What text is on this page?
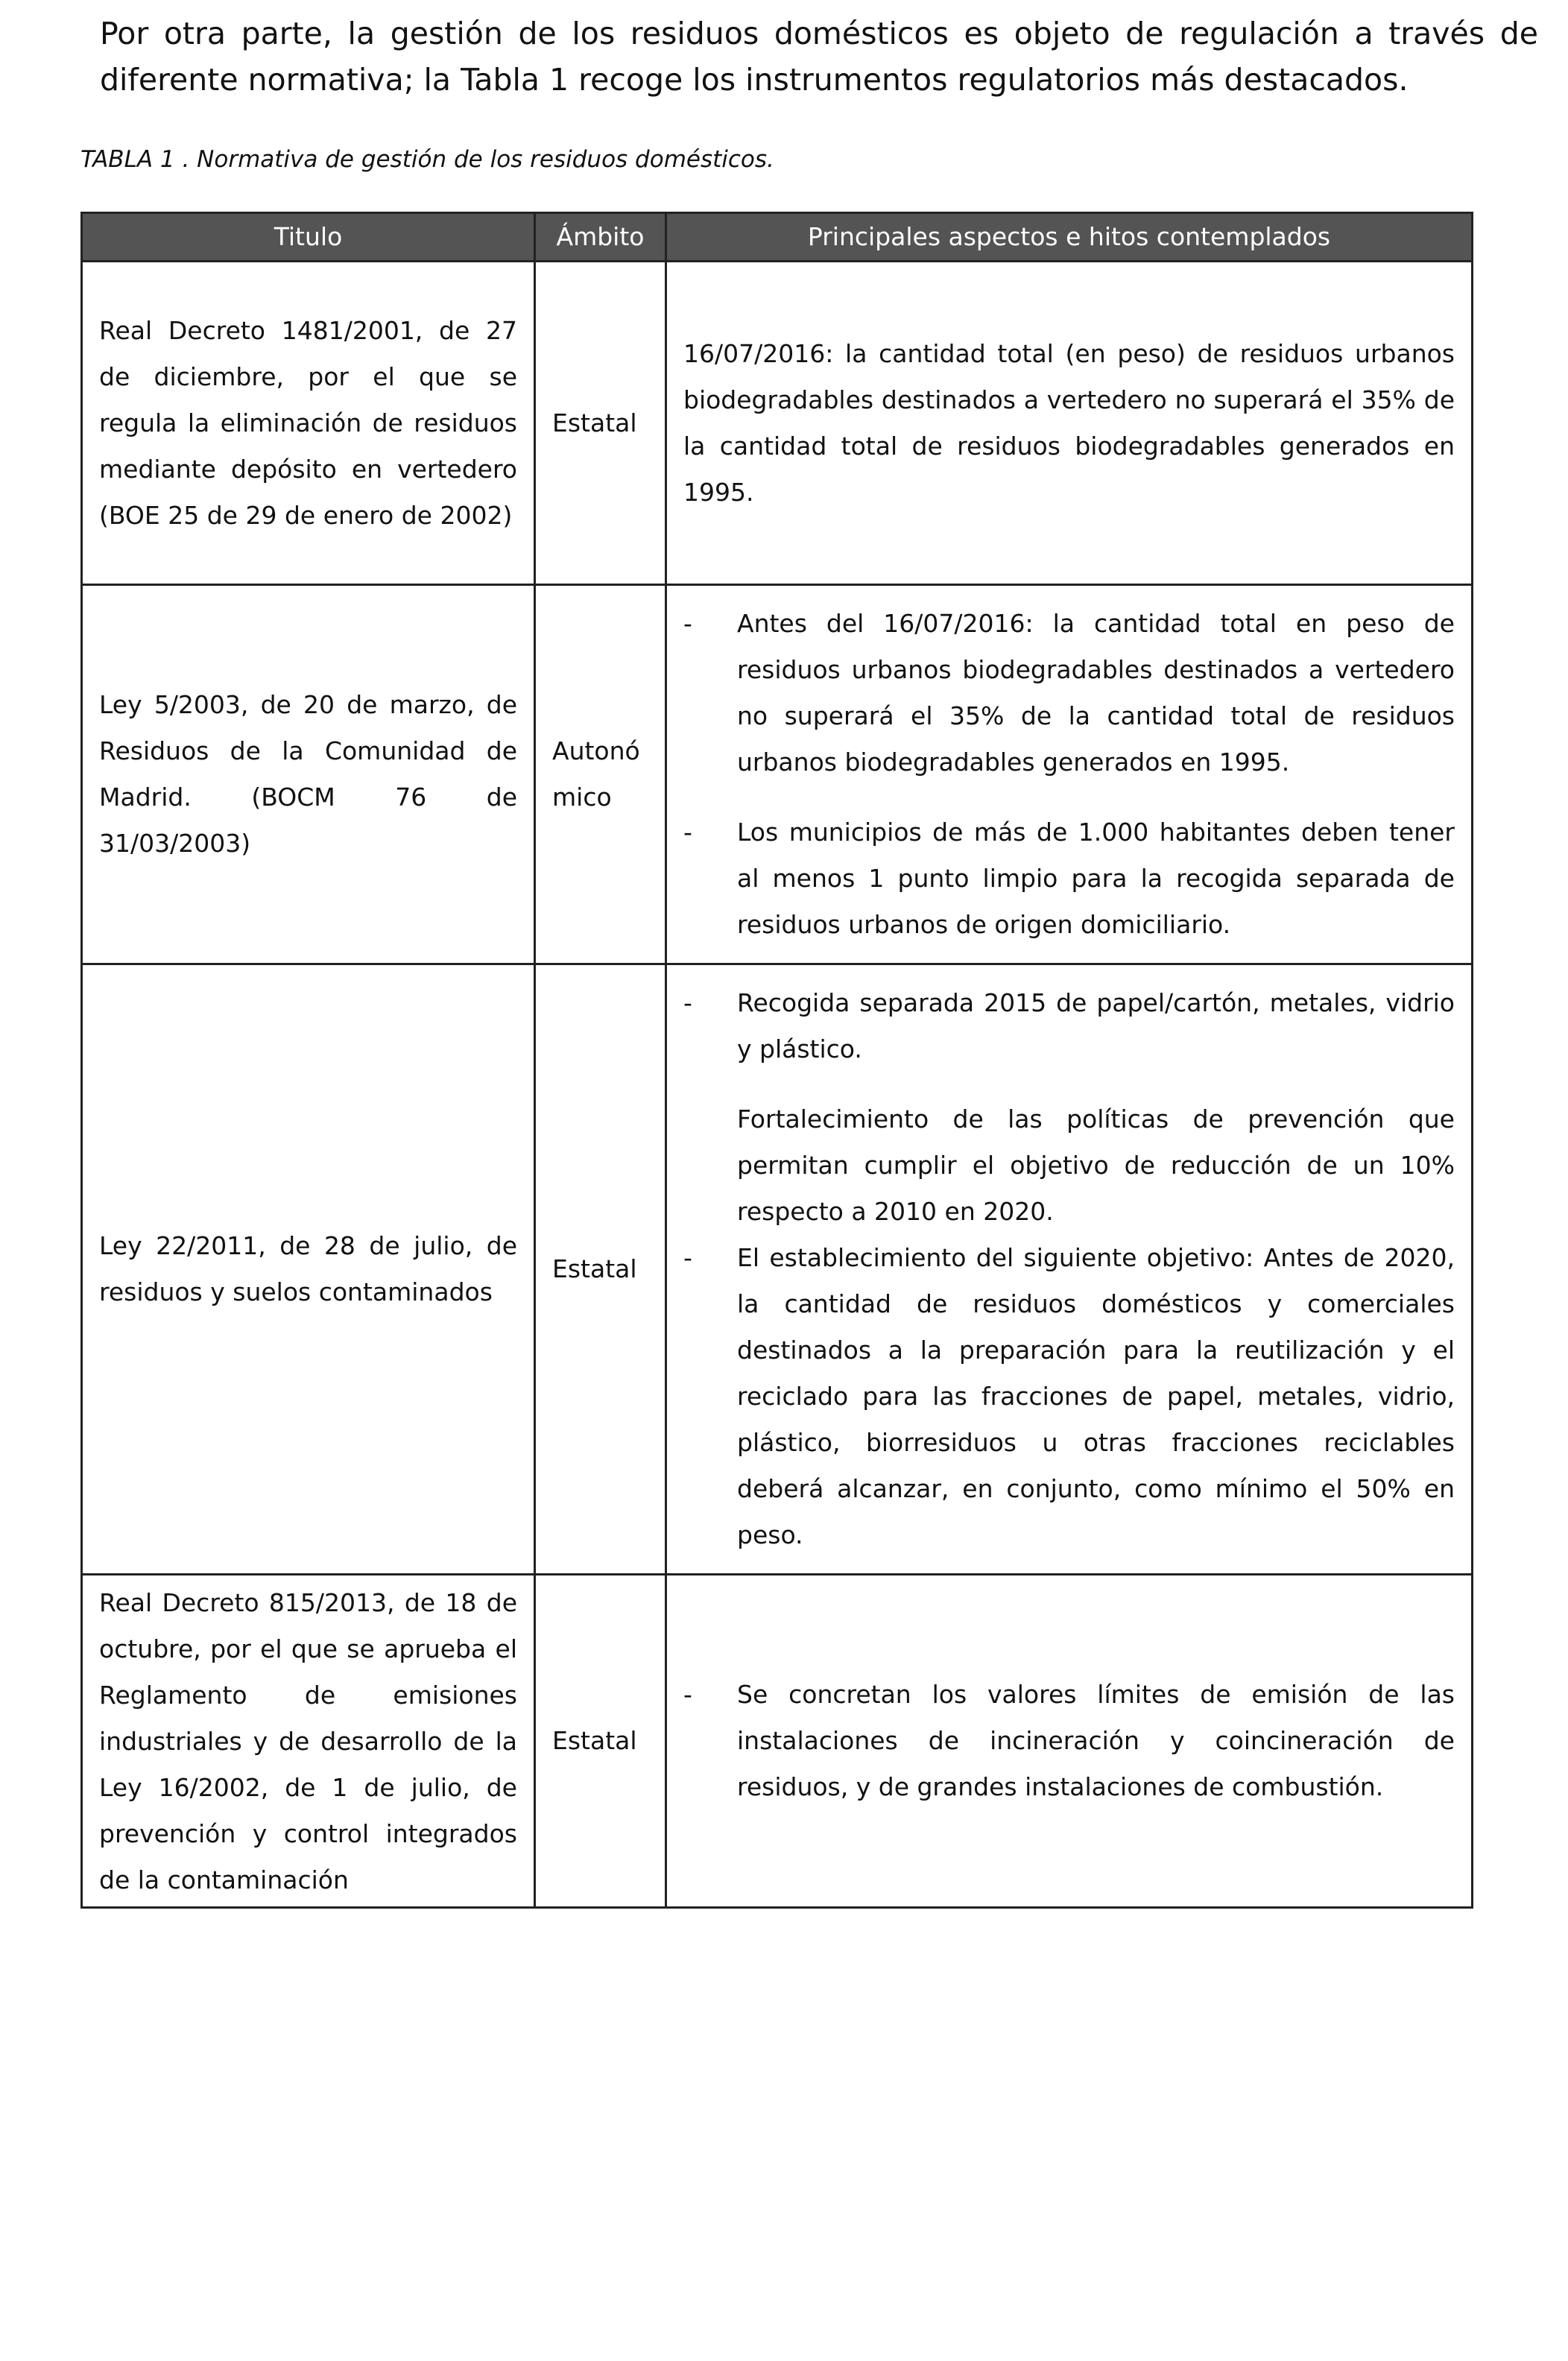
Por otra parte, la gestión de los residuos domésticos es objeto de regulación a través de diferente normativa; la Tabla 1 recoge los instrumentos regulatorios más destacados.

TABLA 1 . Normativa de gestión de los residuos domésticos.

Titulo	Ámbito	Principales aspectos e hitos contemplados
Real Decreto 1481/2001, de 27 de diciembre, por el que se regula la eliminación de residuos mediante depósito en vertedero (BOE 25 de 29 de enero de 2002)	Estatal	16/07/2016: la cantidad total (en peso) de residuos urbanos biodegradables destinados a vertedero no superará el 35% de la cantidad total de residuos biodegradables generados en 1995.

Ley 5/2003, de 20 de marzo, de Residuos de la Comunidad de Madrid. (BOCM 76 de 31/03/2003)	Autonó mico	- Antes del 16/07/2016: la cantidad total en peso de residuos urbanos biodegradables destinados a vertedero no superará el 35% de la cantidad total de residuos urbanos biodegradables generados en 1995.
- Los municipios de más de 1.000 habitantes deben tener al menos 1 punto limpio para la recogida separada de residuos urbanos de origen domiciliario.

Ley 22/2011, de 28 de julio, de residuos y suelos contaminados	Estatal	- Recogida separada 2015 de papel/cartón, metales, vidrio y plástico.
Fortalecimiento de las políticas de prevención que permitan cumplir el objetivo de reducción de un 10% respecto a 2010 en 2020.
- El establecimiento del siguiente objetivo: Antes de 2020, la cantidad de residuos domésticos y comerciales destinados a la preparación para la reutilización y el reciclado para las fracciones de papel, metales, vidrio, plástico, biorresiduos u otras fracciones reciclables deberá alcanzar, en conjunto, como mínimo el 50% en peso.

Real Decreto 815/2013, de 18 de octubre, por el que se aprueba el Reglamento de emisiones industriales y de desarrollo de la Ley 16/2002, de 1 de julio, de prevención y control integrados de la contaminación	Estatal	- Se concretan los valores límites de emisión de las instalaciones de incineración y coincineración de residuos, y de grandes instalaciones de combustión.
